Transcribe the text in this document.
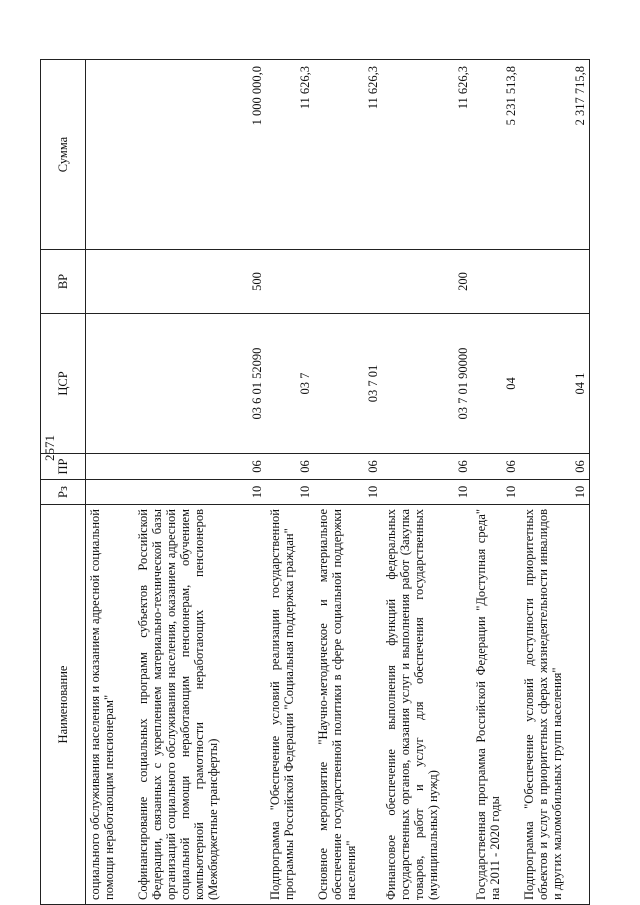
2571
Наименование	Рз	ПР	ЦСР	ВР	Сумма
социального обслуживания населения и оказанием адресной социальной помощи неработающим пенсионерам"					
Софинансирование социальных программ субъектов Российской Федерации, связанных с укреплением материально-технической базы организаций социального обслуживания населения, оказанием адресной социальной помощи неработающим пенсионерам, обучением компьютерной грамотности неработающих пенсионеров (Межбюджетные трансферты)	10	06	03 6 01 52090	500	1 000 000,0
Подпрограмма "Обеспечение условий реализации государственной программы Российской Федерации "Социальная поддержка граждан"	10	06	03 7		11 626,3
Основное мероприятие "Научно-методическое и материальное обеспечение государственной политики в сфере социальной поддержки населения"	10	06	03 7 01		11 626,3
Финансовое обеспечение выполнения функций федеральных государственных органов, оказания услуг и выполнения работ (Закупка товаров, работ и услуг для обеспечения государственных (муниципальных) нужд)	10	06	03 7 01 90000	200	11 626,3
Государственная программа Российской Федерации "Доступная среда" на 2011 - 2020 годы	10	06	04		5 231 513,8
Подпрограмма "Обеспечение условий доступности приоритетных объектов и услуг в приоритетных сферах жизнедеятельности инвалидов и других маломобильных групп населения"	10	06	04 1		2 317 715,8
